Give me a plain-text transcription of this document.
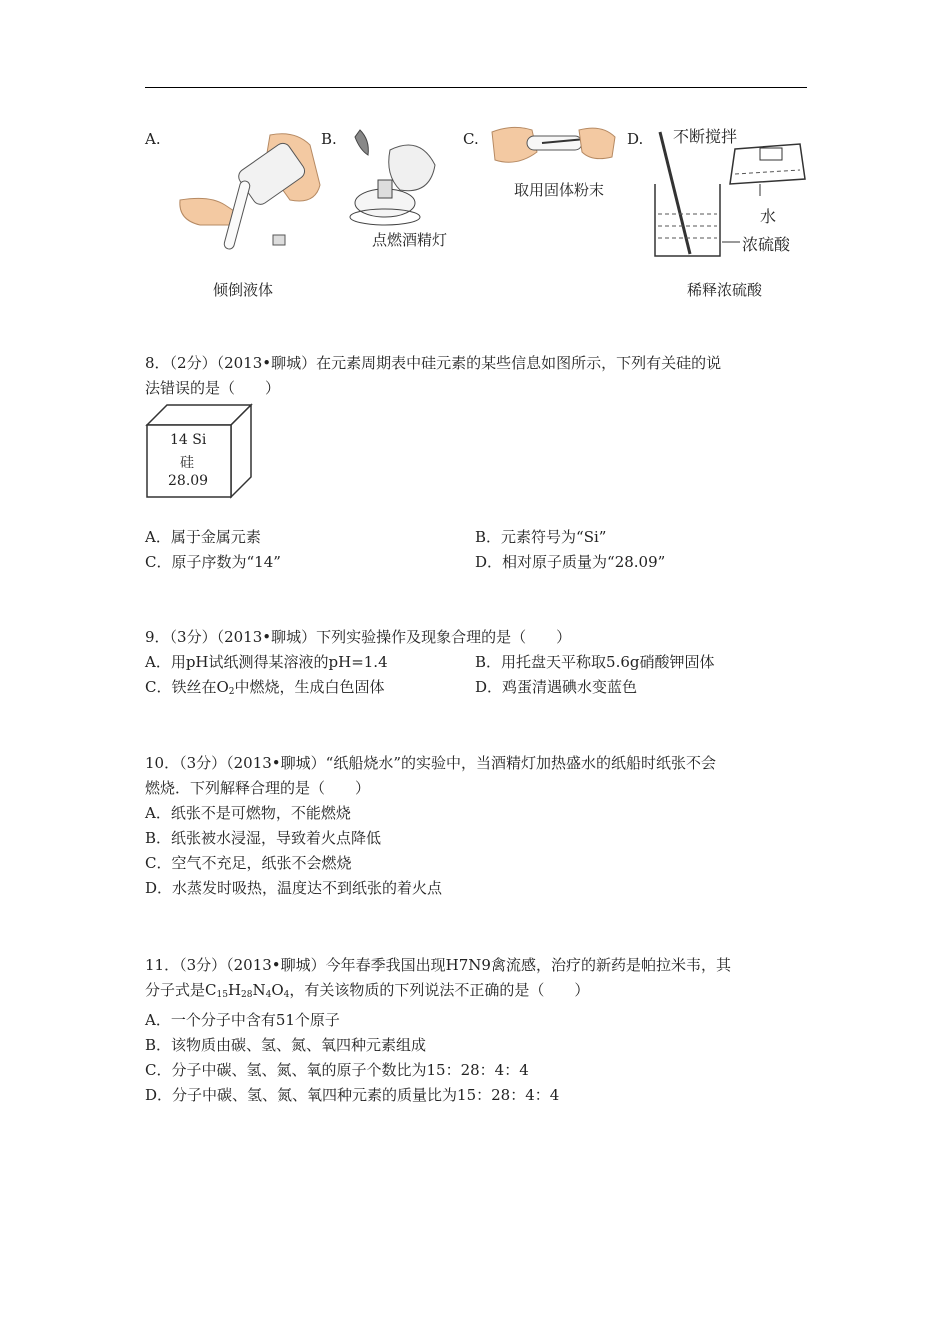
A.
倾倒液体
B.
点燃酒精灯
C.
取用固体粉末
D. 不断搅拌
水
浓硫酸
稀释浓硫酸
8．（2分）（2013•聊城）在元素周期表中硅元素的某些信息如图所示，下列有关硅的说
法错误的是（　　）
14 Si
硅
28.09
A．属于金属元素	B．元素符号为“Si”
C．原子序数为“14”	D．相对原子质量为“28.09”
9．（3分）（2013•聊城）下列实验操作及现象合理的是（　　）
A．用pH试纸测得某溶液的pH=1.4	B．用托盘天平称取5.6g硝酸钾固体
C．铁丝在$O_2$中燃烧，生成白色固体	D．鸡蛋清遇碘水变蓝色
10．（3分）（2013•聊城）“纸船烧水”的实验中，当酒精灯加热盛水的纸船时纸张不会
燃烧．下列解释合理的是（　　）
A．纸张不是可燃物，不能燃烧
B．纸张被水浸湿，导致着火点降低
C．空气不充足，纸张不会燃烧
D．水蒸发时吸热，温度达不到纸张的着火点
11．（3分）（2013•聊城）今年春季我国出现H7N9禽流感，治疗的新药是帕拉米韦，其
分子式是$C_{15}H_{28}N_4O_4$，有关该物质的下列说法不正确的是（　　）
A．一个分子中含有51个原子
B．该物质由碳、氢、氮、氧四种元素组成
C．分子中碳、氢、氮、氧的原子个数比为15：28：4：4
D．分子中碳、氢、氮、氧四种元素的质量比为15：28：4：4
